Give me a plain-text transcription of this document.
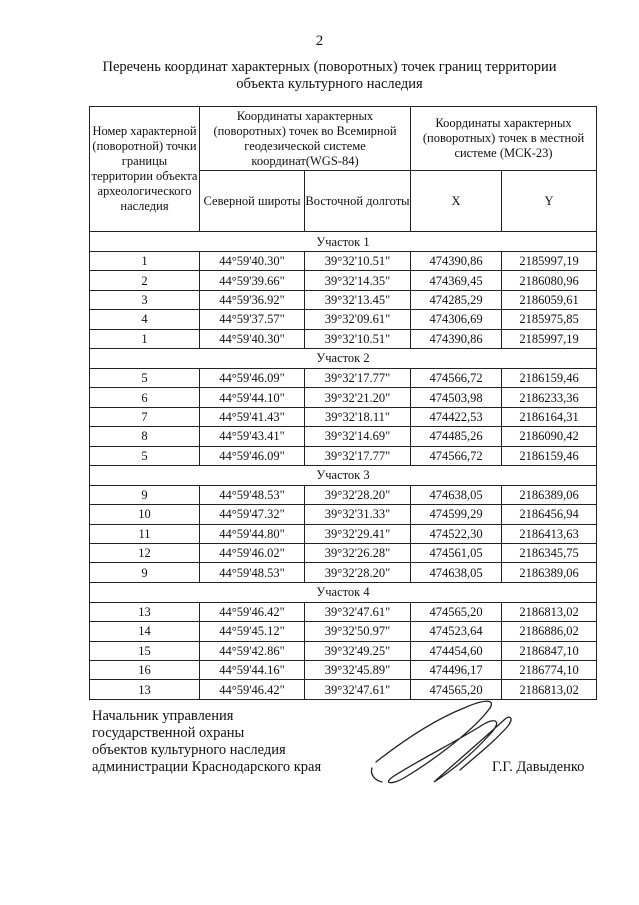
2
Перечень координат характерных (поворотных) точек границ территории
объекта культурного наследия
Номер характерной (поворотной) точки границы территории объекта археологического наследия	Координаты характерных (поворотных) точек во Всемирной геодезической системе координат(WGS-84)		Координаты характерных (поворотных) точек в местной системе (МСК-23)	
	Северной широты	Восточной долготы	X	Y
Участок 1				
1	44°59'40.30"	39°32'10.51"	474390,86	2185997,19
2	44°59'39.66"	39°32'14.35"	474369,45	2186080,96
3	44°59'36.92"	39°32'13.45"	474285,29	2186059,61
4	44°59'37.57"	39°32'09.61"	474306,69	2185975,85
1	44°59'40.30"	39°32'10.51"	474390,86	2185997,19
Участок 2				
5	44°59'46.09"	39°32'17.77"	474566,72	2186159,46
6	44°59'44.10"	39°32'21.20"	474503,98	2186233,36
7	44°59'41.43"	39°32'18.11"	474422,53	2186164,31
8	44°59'43.41"	39°32'14.69"	474485,26	2186090,42
5	44°59'46.09"	39°32'17.77"	474566,72	2186159,46
Участок 3				
9	44°59'48.53"	39°32'28.20"	474638,05	2186389,06
10	44°59'47.32"	39°32'31.33"	474599,29	2186456,94
11	44°59'44.80"	39°32'29.41"	474522,30	2186413,63
12	44°59'46.02"	39°32'26.28"	474561,05	2186345,75
9	44°59'48.53"	39°32'28.20"	474638,05	2186389,06
Участок 4				
13	44°59'46.42"	39°32'47.61"	474565,20	2186813,02
14	44°59'45.12"	39°32'50.97"	474523,64	2186886,02
15	44°59'42.86"	39°32'49.25"	474454,60	2186847,10
16	44°59'44.16"	39°32'45.89"	474496,17	2186774,10
13	44°59'46.42"	39°32'47.61"	474565,20	2186813,02
Начальник управления
государственной охраны
объектов культурного наследия
администрации Краснодарского края	Г.Г. Давыденко
